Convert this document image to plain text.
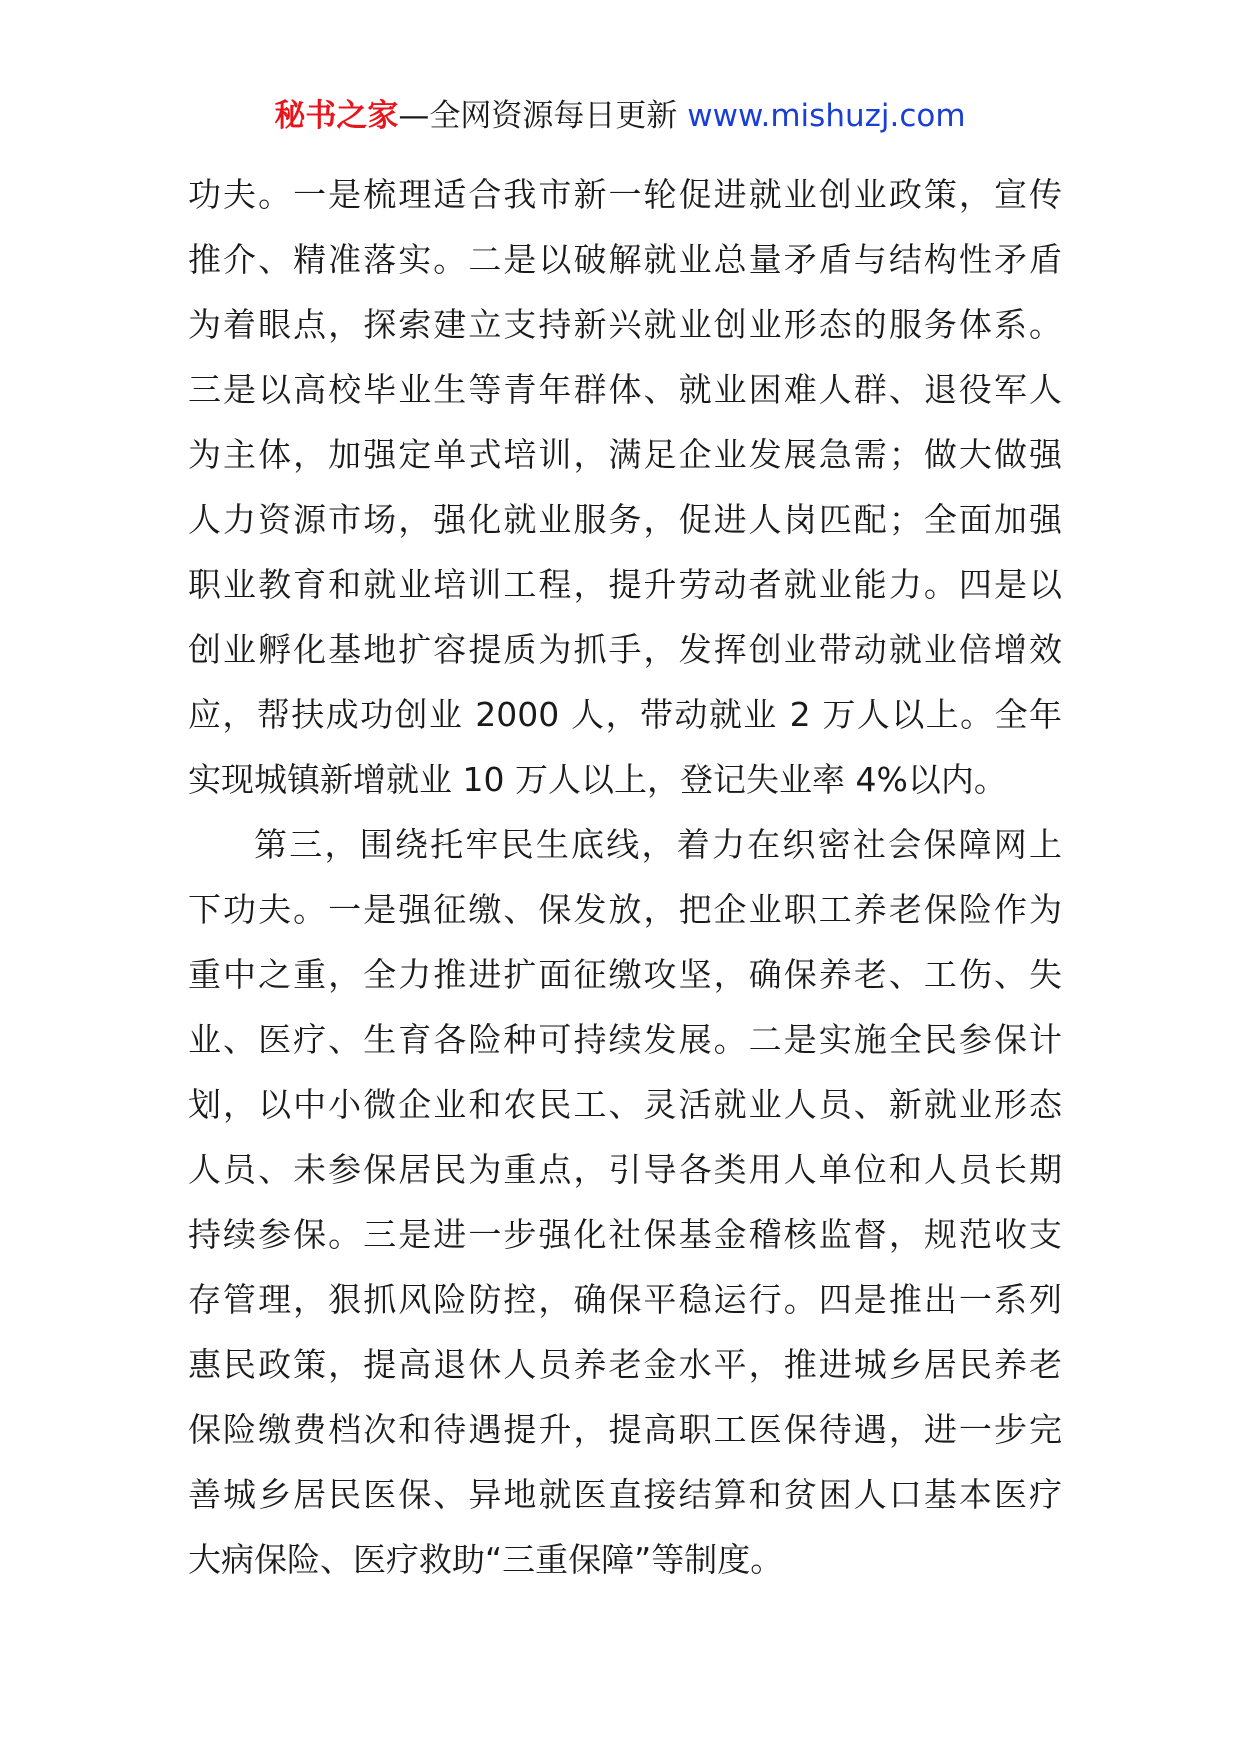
秘书之家—全网资源每日更新 www.mishuzj.com
功夫。一是梳理适合我市新一轮促进就业创业政策，宣传
推介、精准落实。二是以破解就业总量矛盾与结构性矛盾
为着眼点，探索建立支持新兴就业创业形态的服务体系。
三是以高校毕业生等青年群体、就业困难人群、退役军人
为主体，加强定单式培训，满足企业发展急需；做大做强
人力资源市场，强化就业服务，促进人岗匹配；全面加强
职业教育和就业培训工程，提升劳动者就业能力。四是以
创业孵化基地扩容提质为抓手，发挥创业带动就业倍增效
应，帮扶成功创业 2000 人，带动就业 2 万人以上。全年
实现城镇新增就业 10 万人以上，登记失业率 4%以内。
第三，围绕托牢民生底线，着力在织密社会保障网上
下功夫。一是强征缴、保发放，把企业职工养老保险作为
重中之重，全力推进扩面征缴攻坚，确保养老、工伤、失
业、医疗、生育各险种可持续发展。二是实施全民参保计
划，以中小微企业和农民工、灵活就业人员、新就业形态
人员、未参保居民为重点，引导各类用人单位和人员长期
持续参保。三是进一步强化社保基金稽核监督，规范收支
存管理，狠抓风险防控，确保平稳运行。四是推出一系列
惠民政策，提高退休人员养老金水平，推进城乡居民养老
保险缴费档次和待遇提升，提高职工医保待遇，进一步完
善城乡居民医保、异地就医直接结算和贫困人口基本医疗
大病保险、医疗救助“三重保障”等制度。
